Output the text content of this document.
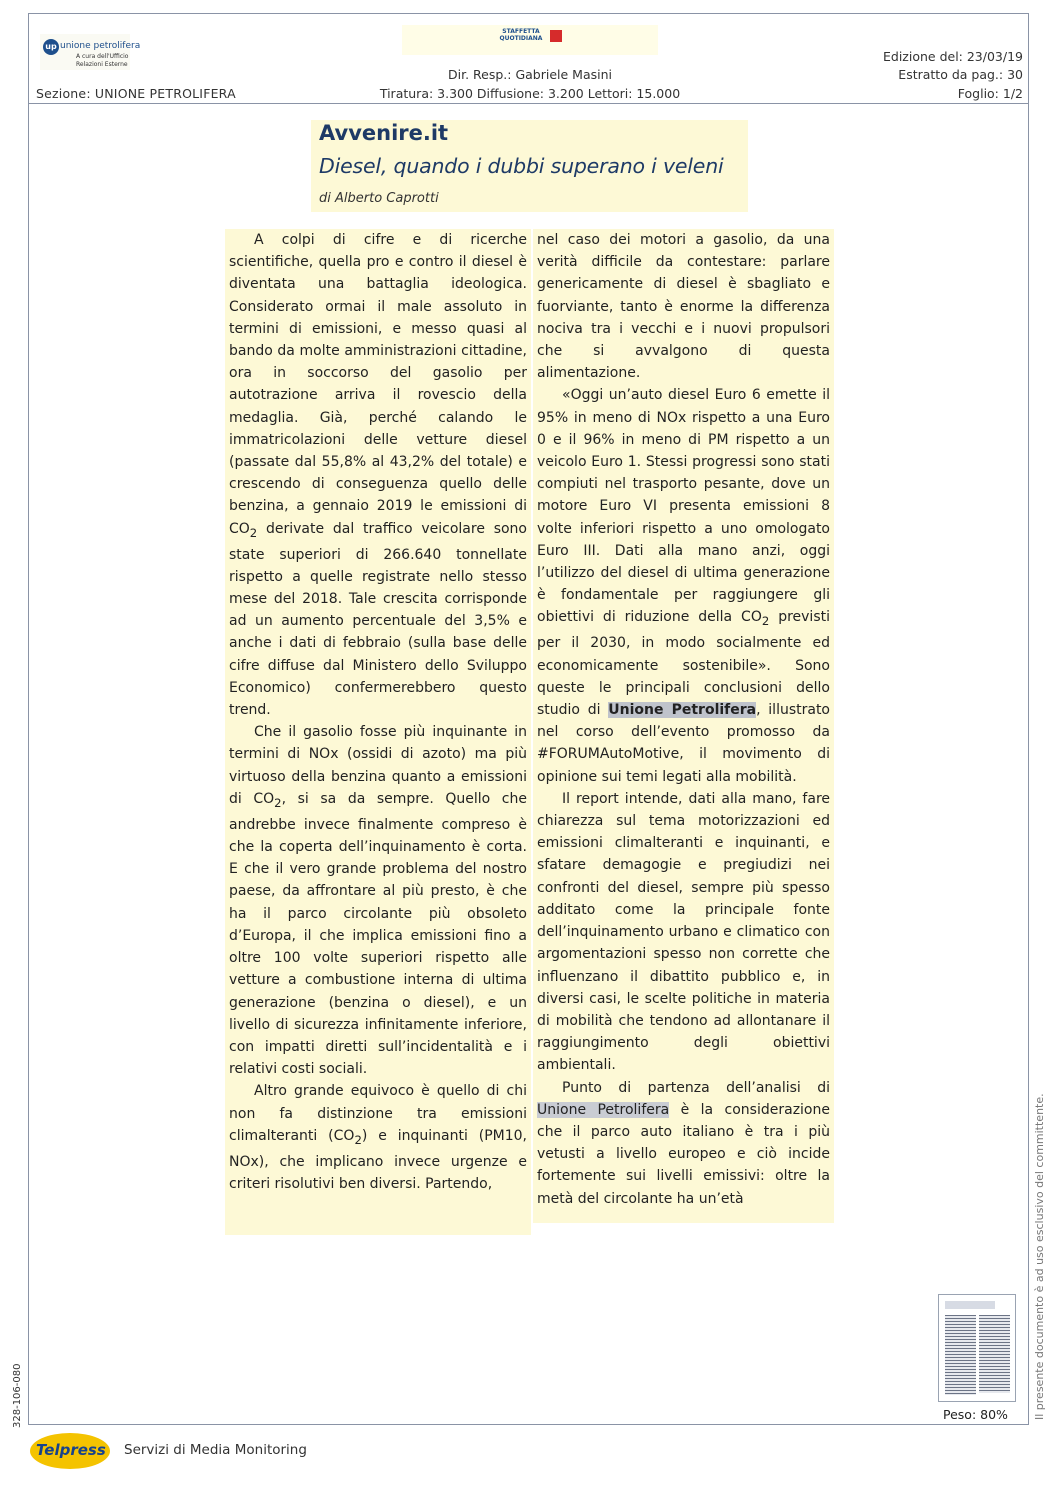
up unione petrolifera
A cura dell'Ufficio Relazioni Esterne
STAFFETTA QUOTIDIANA
Sezione: UNIONE PETROLIFERA
Dir. Resp.: Gabriele Masini
Tiratura: 3.300 Diffusione: 3.200 Lettori: 15.000
Edizione del: 23/03/19
Estratto da pag.: 30
Foglio: 1/2
Avvenire.it
Diesel, quando i dubbi superano i veleni
di Alberto Caprotti

A colpi di cifre e di ricerche scientifiche, quella pro e contro il diesel è diventata una battaglia ideologica. Considerato ormai il male assoluto in termini di emissioni, e messo quasi al bando da molte amministrazioni cittadine, ora in soccorso del gasolio per autotrazione arriva il rovescio della medaglia. Già, perché calando le immatricolazioni delle vetture diesel (passate dal 55,8% al 43,2% del totale) e crescendo di conseguenza quello delle benzina, a gennaio 2019 le emissioni di $CO_2$ derivate dal traffico veicolare sono state superiori di 266.640 tonnellate rispetto a quelle registrate nello stesso mese del 2018. Tale crescita corrisponde ad un aumento percentuale del 3,5% e anche i dati di febbraio (sulla base delle cifre diffuse dal Ministero dello Sviluppo Economico) confermerebbero questo trend.

Che il gasolio fosse più inquinante in termini di NOx (ossidi di azoto) ma più virtuoso della benzina quanto a emissioni di $CO_2$, si sa da sempre. Quello che andrebbe invece finalmente compreso è che la coperta dell’inquinamento è corta. E che il vero grande problema del nostro paese, da affrontare al più presto, è che ha il parco circolante più obsoleto d’Europa, il che implica emissioni fino a oltre 100 volte superiori rispetto alle vetture a combustione interna di ultima generazione (benzina o diesel), e un livello di sicurezza infinitamente inferiore, con impatti diretti sull’incidentalità e i relativi costi sociali.

Altro grande equivoco è quello di chi non fa distinzione tra emissioni climalteranti $(CO_2)$ e inquinanti (PM10, NOx), che implicano invece urgenze e criteri risolutivi ben diversi. Partendo,

nel caso dei motori a gasolio, da una verità difficile da contestare: parlare genericamente di diesel è sbagliato e fuorviante, tanto è enorme la differenza nociva tra i vecchi e i nuovi propulsori che si avvalgono di questa alimentazione.

«Oggi un’auto diesel Euro 6 emette il 95% in meno di NOx rispetto a una Euro 0 e il 96% in meno di PM rispetto a un veicolo Euro 1. Stessi progressi sono stati compiuti nel trasporto pesante, dove un motore Euro VI presenta emissioni 8 volte inferiori rispetto a uno omologato Euro III. Dati alla mano anzi, oggi l’utilizzo del diesel di ultima generazione è fondamentale per raggiungere gli obiettivi di riduzione della $CO_2$ previsti per il 2030, in modo socialmente ed economicamente sostenibile». Sono queste le principali conclusioni dello studio di Unione Petrolifera, illustrato nel corso dell’evento promosso da #FORUMAutoMotive, il movimento di opinione sui temi legati alla mobilità.

Il report intende, dati alla mano, fare chiarezza sul tema motorizzazioni ed emissioni climalteranti e inquinanti, e sfatare demagogie e pregiudizi nei confronti del diesel, sempre più spesso additato come la principale fonte dell’inquinamento urbano e climatico con argomentazioni spesso non corrette che influenzano il dibattito pubblico e, in diversi casi, le scelte politiche in materia di mobilità che tendono ad allontanare il raggiungimento degli obiettivi ambientali.

Punto di partenza dell’analisi di Unione Petrolifera è la considerazione che il parco auto italiano è tra i più vetusti a livello europeo e ciò incide fortemente sui livelli emissivi: oltre la metà del circolante ha un’età	Il presente documento è ad uso esclusivo del committente.
328-106-080	Peso: 80%
Telpress Servizi di Media Monitoring
